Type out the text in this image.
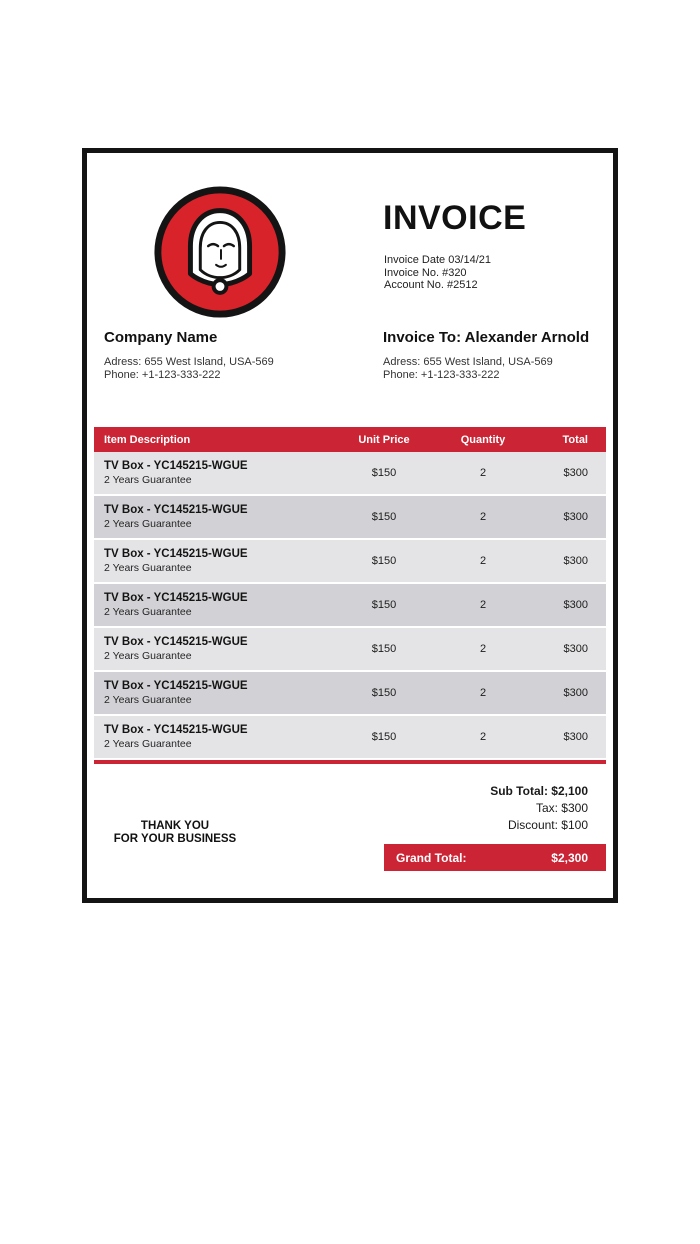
INVOICE
Invoice Date 03/14/21
Invoice No. #320
Account No. #2512
Company Name
Adress: 655 West Island, USA-569
Phone: +1-123-333-222
Invoice To: Alexander Arnold
Adress: 655 West Island, USA-569
Phone: +1-123-333-222
Item Description	Unit Price	Quantity	Total
TV Box - YC145215-WGUE
2 Years Guarantee
$150	2	$300
TV Box - YC145215-WGUE
2 Years Guarantee
$150	2	$300
TV Box - YC145215-WGUE
2 Years Guarantee
$150	2	$300
TV Box - YC145215-WGUE
2 Years Guarantee
$150	2	$300
TV Box - YC145215-WGUE
2 Years Guarantee
$150	2	$300
TV Box - YC145215-WGUE
2 Years Guarantee
$150	2	$300
TV Box - YC145215-WGUE
2 Years Guarantee
$150	2	$300
THANK YOU
FOR YOUR BUSINESS
Sub Total: $2,100
Tax: $300
Discount: $100
Grand Total:	$2,300
